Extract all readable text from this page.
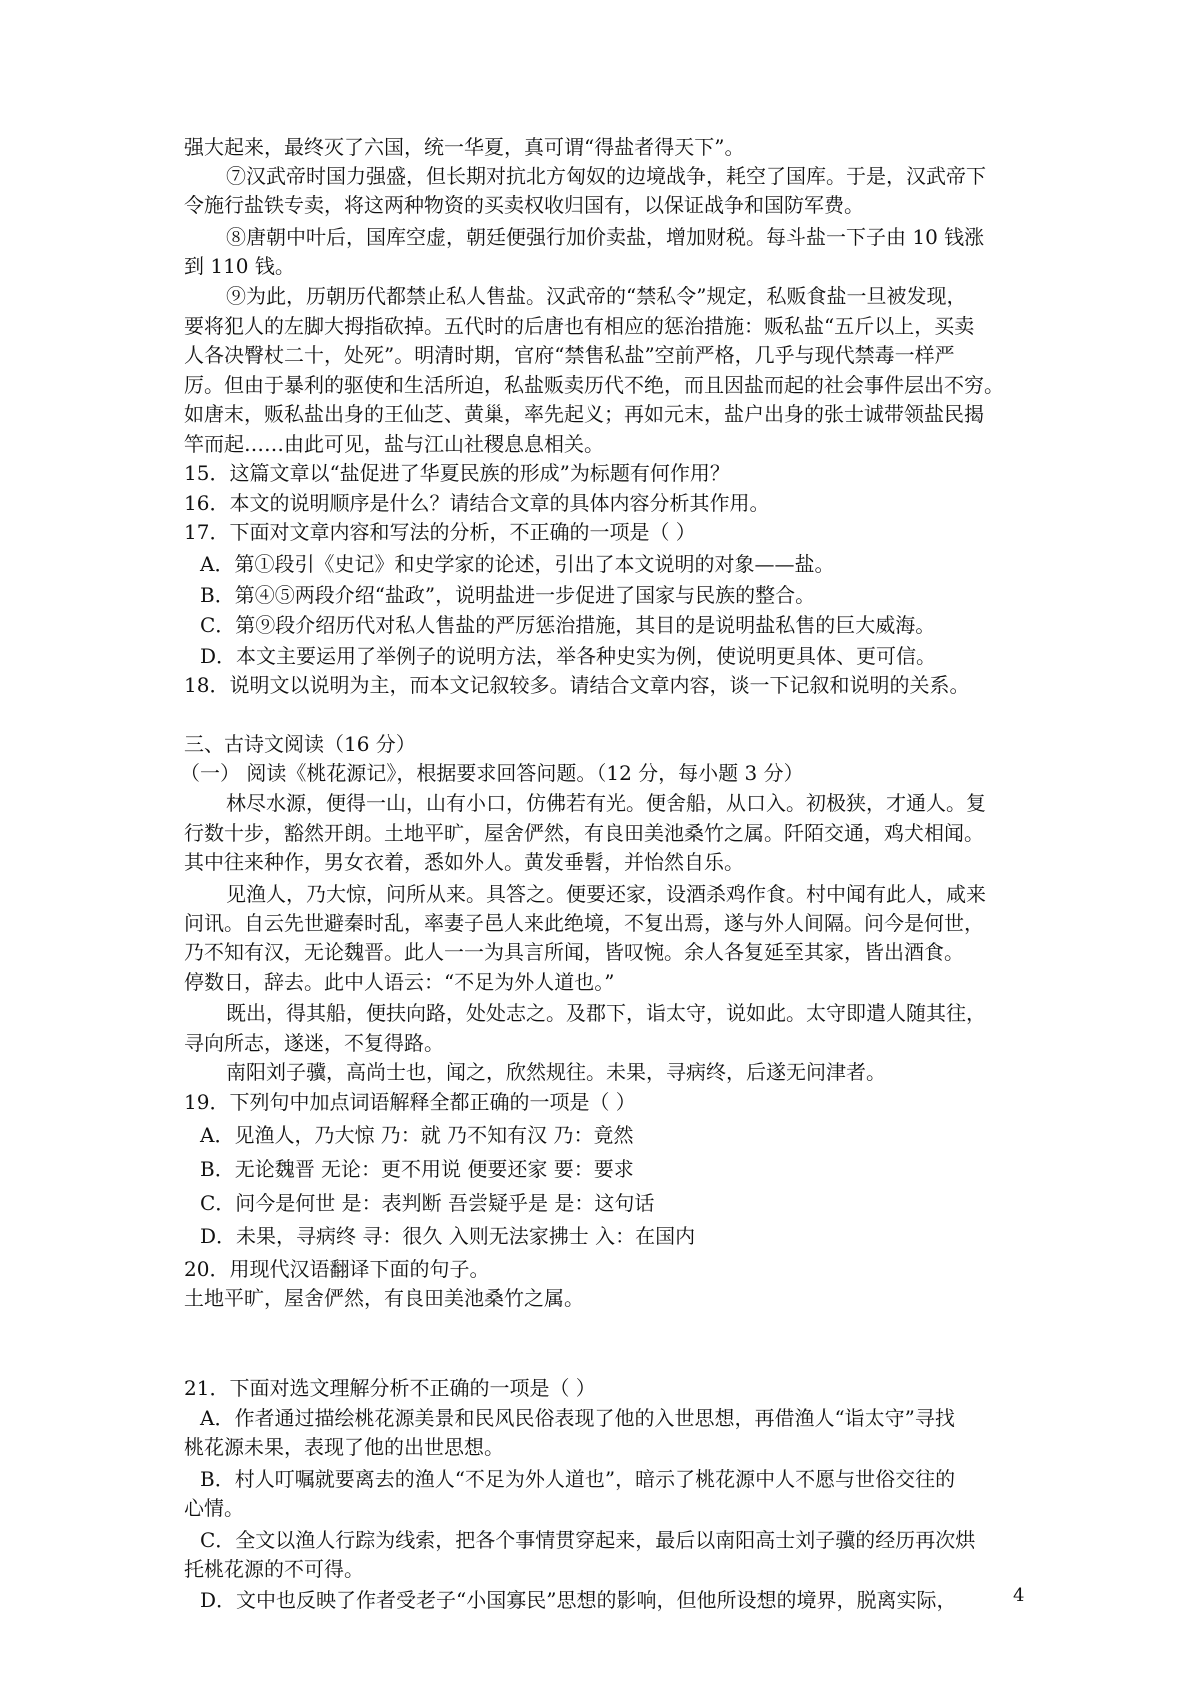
强大起来，最终灭了六国，统一华夏，真可谓“得盐者得天下”。
⑦汉武帝时国力强盛，但长期对抗北方匈奴的边境战争，耗空了国库。于是，汉武帝下
令施行盐铁专卖，将这两种物资的买卖权收归国有，以保证战争和国防军费。
⑧唐朝中叶后，国库空虚，朝廷便强行加价卖盐，增加财税。每斗盐一下子由 10 钱涨
到 110 钱。
⑨为此，历朝历代都禁止私人售盐。汉武帝的“禁私令”规定，私贩食盐一旦被发现，
要将犯人的左脚大拇指砍掉。五代时的后唐也有相应的惩治措施：贩私盐“五斤以上，买卖
人各决臀杖二十，处死”。明清时期，官府“禁售私盐”空前严格，几乎与现代禁毒一样严
厉。但由于暴利的驱使和生活所迫，私盐贩卖历代不绝，而且因盐而起的社会事件层出不穷。
如唐末，贩私盐出身的王仙芝、黄巢，率先起义；再如元末，盐户出身的张士诚带领盐民揭
竿而起……由此可见，盐与江山社稷息息相关。
15．这篇文章以“盐促进了华夏民族的形成”为标题有何作用？
16．本文的说明顺序是什么？请结合文章的具体内容分析其作用。
17．下面对文章内容和写法的分析，不正确的一项是（ ）
A．第①段引《史记》和史学家的论述，引出了本文说明的对象——盐。
B．第④⑤两段介绍“盐政”，说明盐进一步促进了国家与民族的整合。
C．第⑨段介绍历代对私人售盐的严厉惩治措施，其目的是说明盐私售的巨大威海。
D．本文主要运用了举例子的说明方法，举各种史实为例，使说明更具体、更可信。
18．说明文以说明为主，而本文记叙较多。请结合文章内容，谈一下记叙和说明的关系。
三、古诗文阅读（16 分）
（一） 阅读《桃花源记》，根据要求回答问题。（12 分，每小题 3 分）
林尽水源，便得一山，山有小口，仿佛若有光。便舍船，从口入。初极狭，才通人。复
行数十步，豁然开朗。土地平旷，屋舍俨然，有良田美池桑竹之属。阡陌交通，鸡犬相闻。
其中往来种作，男女衣着，悉如外人。黄发垂髫，并怡然自乐。
见渔人，乃大惊，问所从来。具答之。便要还家，设酒杀鸡作食。村中闻有此人，咸来
问讯。自云先世避秦时乱，率妻子邑人来此绝境，不复出焉，遂与外人间隔。问今是何世，
乃不知有汉，无论魏晋。此人一一为具言所闻，皆叹惋。余人各复延至其家，皆出酒食。
停数日，辞去。此中人语云：“不足为外人道也。”
既出，得其船，便扶向路，处处志之。及郡下，诣太守，说如此。太守即遣人随其往，
寻向所志，遂迷，不复得路。
南阳刘子骥，高尚士也，闻之，欣然规往。未果，寻病终，后遂无问津者。
19．下列句中加点词语解释全都正确的一项是（ ）
A．见渔人，乃大惊 乃：就 乃不知有汉 乃：竟然
B．无论魏晋 无论：更不用说 便要还家 要：要求
C．问今是何世 是：表判断 吾尝疑乎是 是：这句话
D．未果，寻病终 寻：很久 入则无法家拂士 入：在国内
20．用现代汉语翻译下面的句子。
土地平旷，屋舍俨然，有良田美池桑竹之属。
21．下面对选文理解分析不正确的一项是（ ）
A．作者通过描绘桃花源美景和民风民俗表现了他的入世思想，再借渔人“诣太守”寻找
桃花源未果，表现了他的出世思想。
B．村人叮嘱就要离去的渔人“不足为外人道也”，暗示了桃花源中人不愿与世俗交往的
心情。
C．全文以渔人行踪为线索，把各个事情贯穿起来，最后以南阳高士刘子骥的经历再次烘
托桃花源的不可得。
D．文中也反映了作者受老子“小国寡民”思想的影响，但他所设想的境界，脱离实际，	4
